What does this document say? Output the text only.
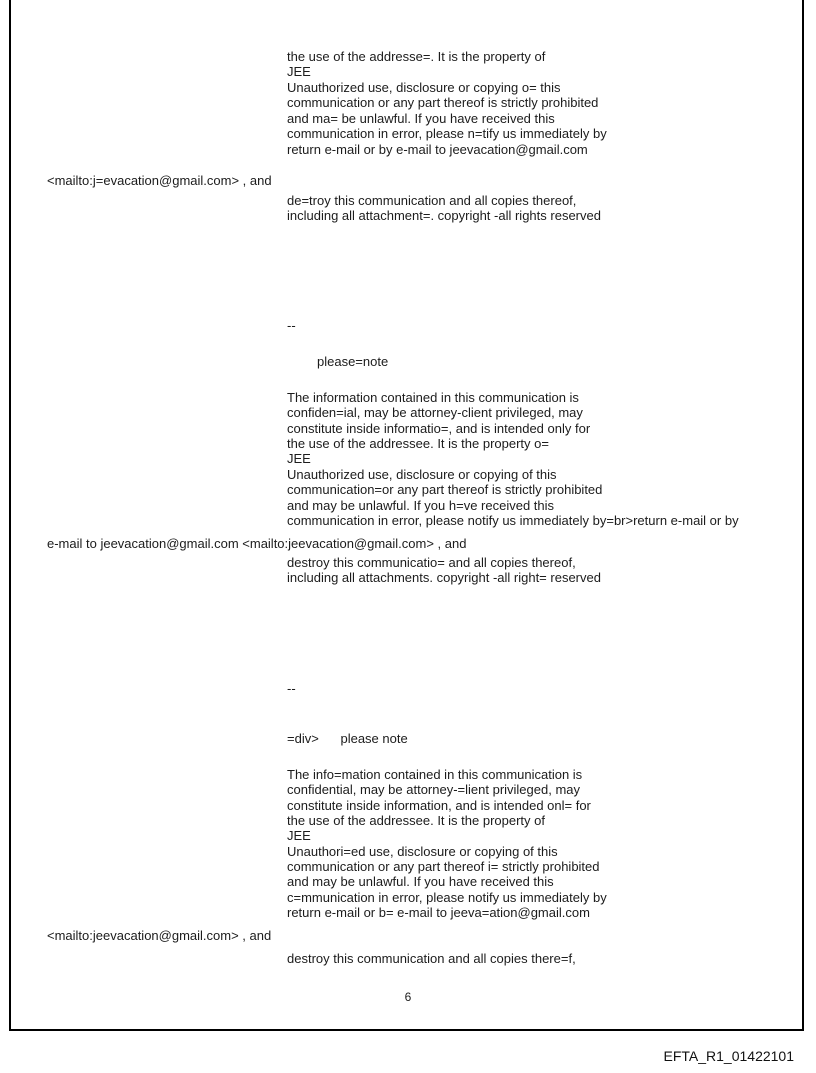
the use of the addresse=. It is the property of
JEE
Unauthorized use, disclosure or copying o= this
communication or any part thereof is strictly prohibited
and ma= be unlawful. If you have received this
communication in error, please n=tify us immediately by
return e-mail or by e-mail to jeevacation@gmail.com
<mailto:j=evacation@gmail.com> , and
de=troy this communication and all copies thereof,
including all attachment=. copyright -all rights reserved
--
please=note
The information contained in this communication is
confiden=ial, may be attorney-client privileged, may
constitute inside informatio=, and is intended only for
the use of the addressee. It is the property o=
JEE
Unauthorized use, disclosure or copying of this
communication=or any part thereof is strictly prohibited
and may be unlawful. If you h=ve received this
communication in error, please notify us immediately by=br>return e-mail or by
e-mail to jeevacation@gmail.com <mailto:jeevacation@gmail.com> , and
destroy this communicatio= and all copies thereof,
including all attachments. copyright -all right= reserved
--
=div>      please note
The info=mation contained in this communication is
confidential, may be attorney-=lient privileged, may
constitute inside information, and is intended onl= for
the use of the addressee. It is the property of
JEE
Unauthori=ed use, disclosure or copying of this
communication or any part thereof i= strictly prohibited
and may be unlawful. If you have received this
c=mmunication in error, please notify us immediately by
return e-mail or b= e-mail to jeeva=ation@gmail.com
<mailto:jeevacation@gmail.com> , and
destroy this communication and all copies there=f,
6
EFTA_R1_01422101
